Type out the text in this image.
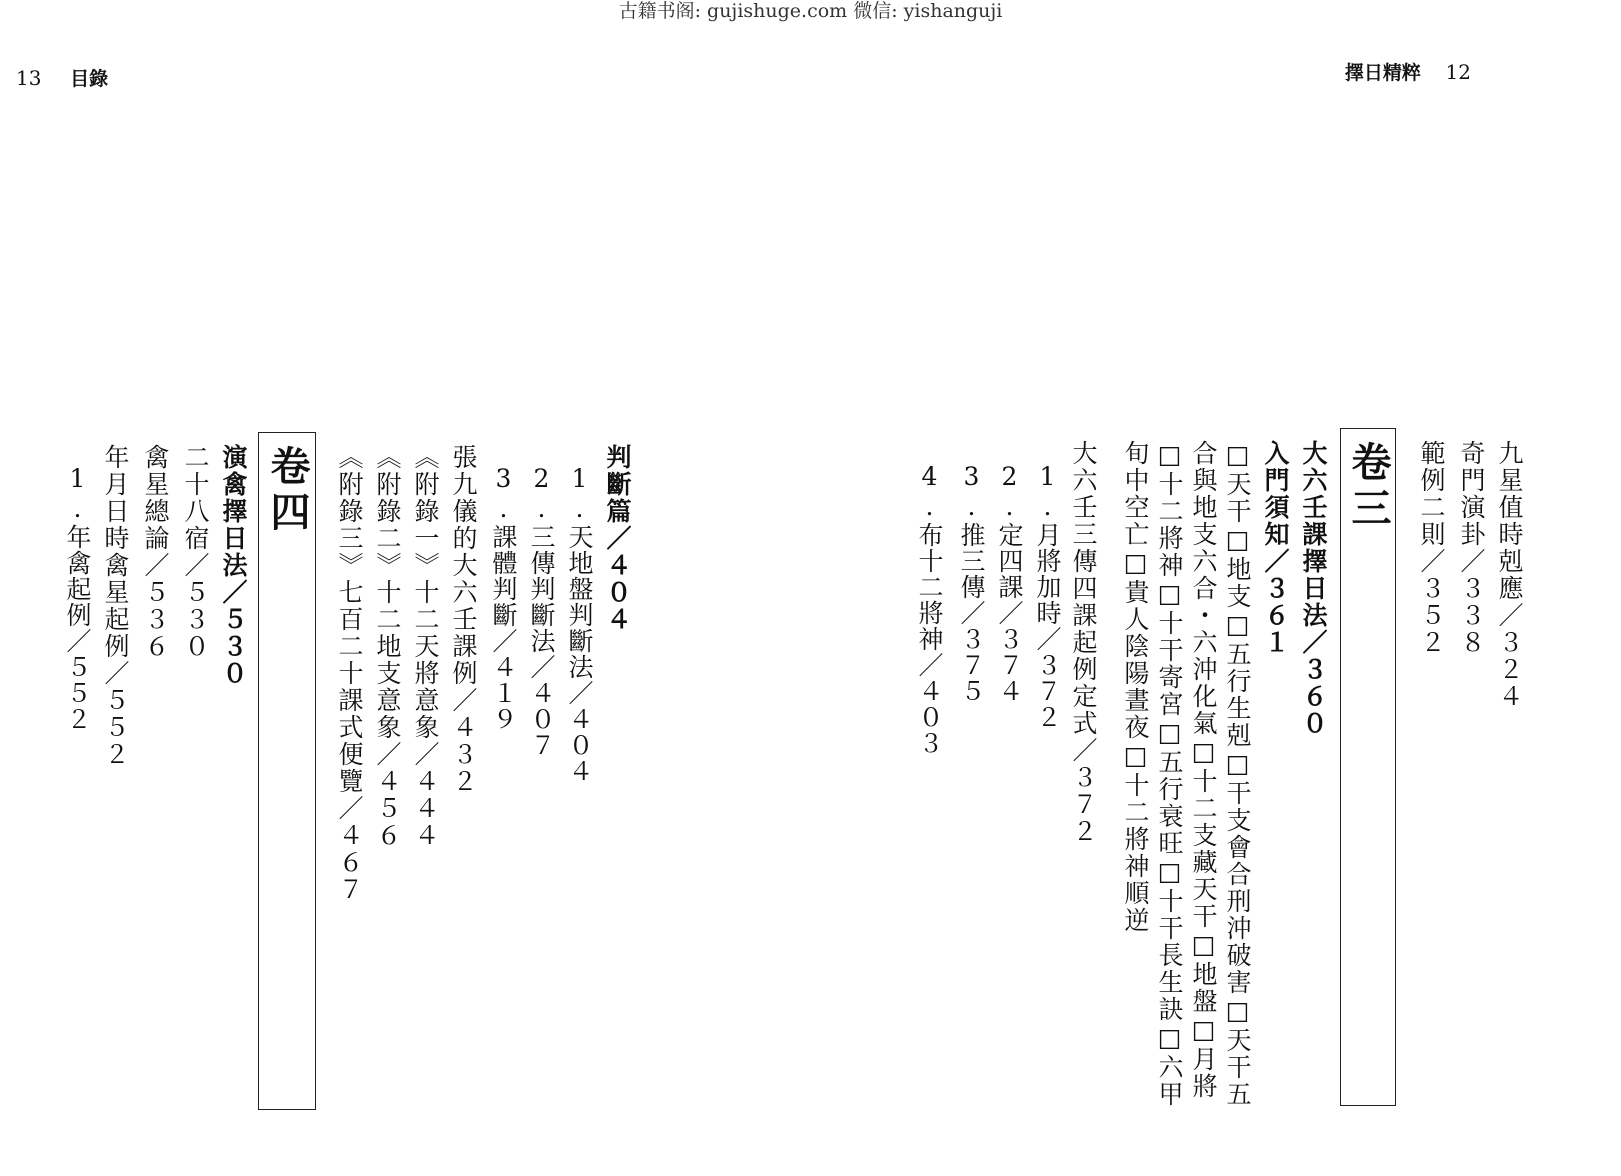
古籍书阁: gujishuge.com 微信: yishanguji
13 目錄	擇日精粹 12
九星值時剋應／３２４
奇門演卦／３３８
範例二則／３５２
卷三
大六壬課擇日法／３６０
入門須知／３６１
□天干□地支□五行生剋□干支會合刑沖破害□天干五合與地支六合・六沖化氣□十二支藏天干□地盤□月將□十二將神□十干寄宮□五行衰旺□十干長生訣□六甲旬中空亡□貴人陰陽晝夜□十二將神順逆
大六壬三傳四課起例定式／３７２
1.月將加時／３７２
2.定四課／３７４
3.推三傳／３７５
4.布十二將神／４０３
判斷篇／４０４
1.天地盤判斷法／４０４
2.三傳判斷法／４０７
3.課體判斷／４１９
張九儀的大六壬課例／４３２
《附錄一》十二天將意象／４４４
《附錄二》十二地支意象／４５６
《附錄三》七百二十課式便覽／４６７
卷四
演禽擇日法／５３０
二十八宿／５３０
禽星總論／５３６
年月日時禽星起例／５５２
1.年禽起例／５５２
